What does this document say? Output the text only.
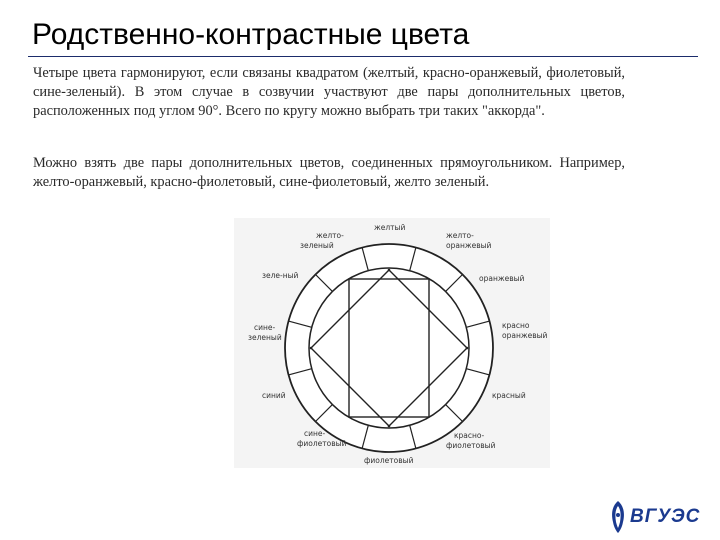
Родственно-контрастные цвета
Четыре цвета гармонируют, если связаны квадратом (желтый, красно-оранжевый, фиолетовый, сине-зеленый). В этом случае в созвучии участвуют две пары дополнительных цветов, расположенных под углом 90°. Всего по кругу можно выбрать три таких "аккорда".
Можно взять две пары дополнительных цветов, соединенных прямоугольником. Например, желто-оранжевый, красно-фиолетовый, сине-фиолетовый, желто зеленый.
желтый
желто-
оранжевый
оранжевый
красно
оранжевый
красный
красно-
фиолетовый
фиолетовый
сине-
фиолетовый
синий
сине-
зеленый
зеле-ный
желто-
зеленый
ВГУЭС
